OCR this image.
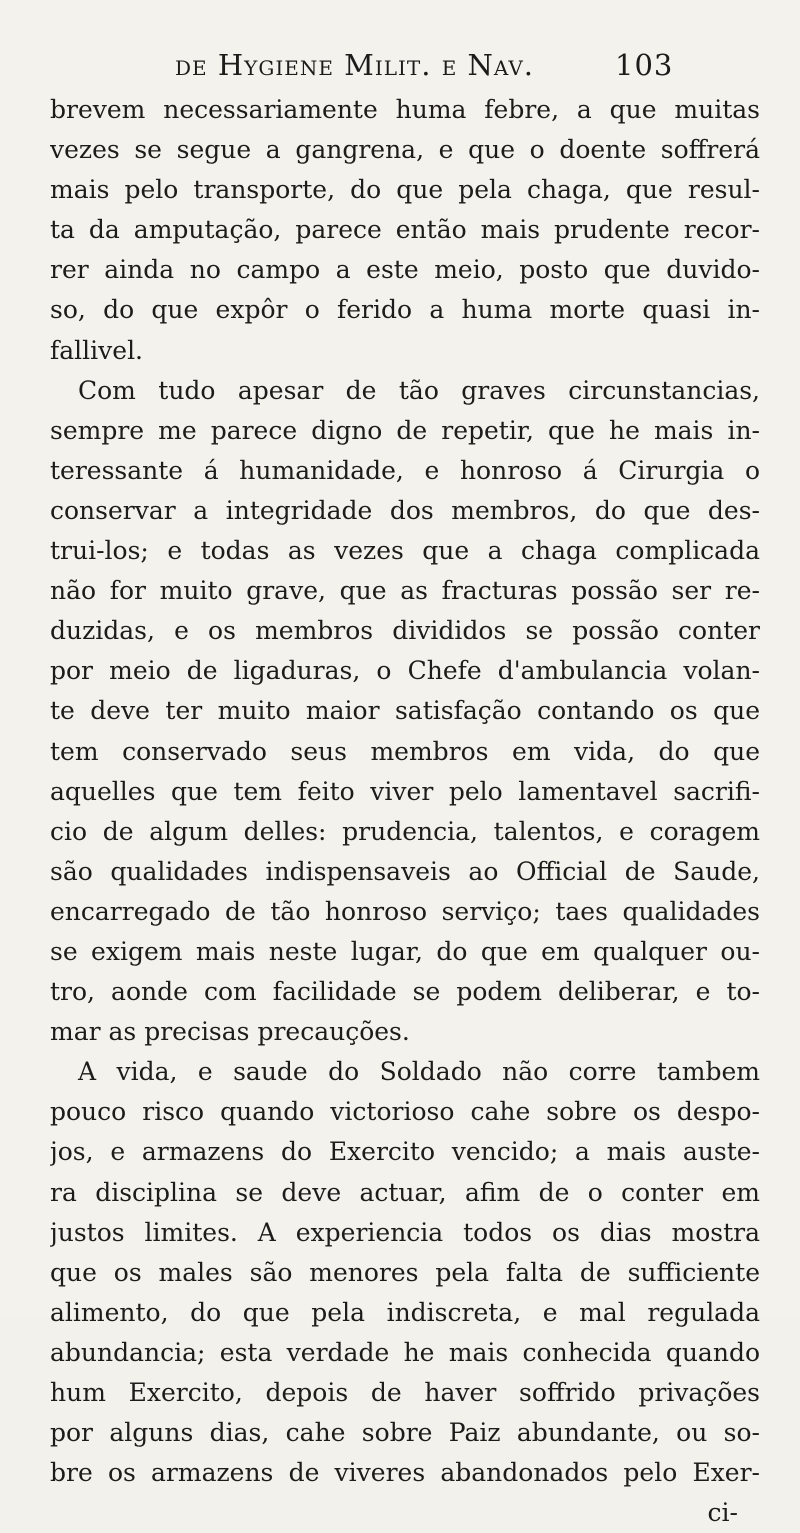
de Hygiene Milit. e Nav.	103
brevem necessariamente huma febre, a que muitas
vezes se segue a gangrena, e que o doente soffrerá
mais pelo transporte, do que pela chaga, que resul-
ta da amputação, parece então mais prudente recor-
rer ainda no campo a este meio, posto que duvido-
so, do que expôr o ferido a huma morte quasi in-
fallivel.
Com tudo apesar de tão graves circunstancias,
sempre me parece digno de repetir, que he mais in-
teressante á humanidade, e honroso á Cirurgia o
conservar a integridade dos membros, do que des-
trui-los; e todas as vezes que a chaga complicada
não for muito grave, que as fracturas possão ser re-
duzidas, e os membros divididos se possão conter
por meio de ligaduras, o Chefe d'ambulancia volan-
te deve ter muito maior satisfação contando os que
tem conservado seus membros em vida, do que
aquelles que tem feito viver pelo lamentavel sacrifi-
cio de algum delles: prudencia, talentos, e coragem
são qualidades indispensaveis ao Official de Saude,
encarregado de tão honroso serviço; taes qualidades
se exigem mais neste lugar, do que em qualquer ou-
tro, aonde com facilidade se podem deliberar, e to-
mar as precisas precauções.
A vida, e saude do Soldado não corre tambem
pouco risco quando victorioso cahe sobre os despo-
jos, e armazens do Exercito vencido; a mais auste-
ra disciplina se deve actuar, afim de o conter em
justos limites. A experiencia todos os dias mostra
que os males são menores pela falta de sufficiente
alimento, do que pela indiscreta, e mal regulada
abundancia; esta verdade he mais conhecida quando
hum Exercito, depois de haver soffrido privações
por alguns dias, cahe sobre Paiz abundante, ou so-
bre os armazens de viveres abandonados pelo Exer-
ci-
